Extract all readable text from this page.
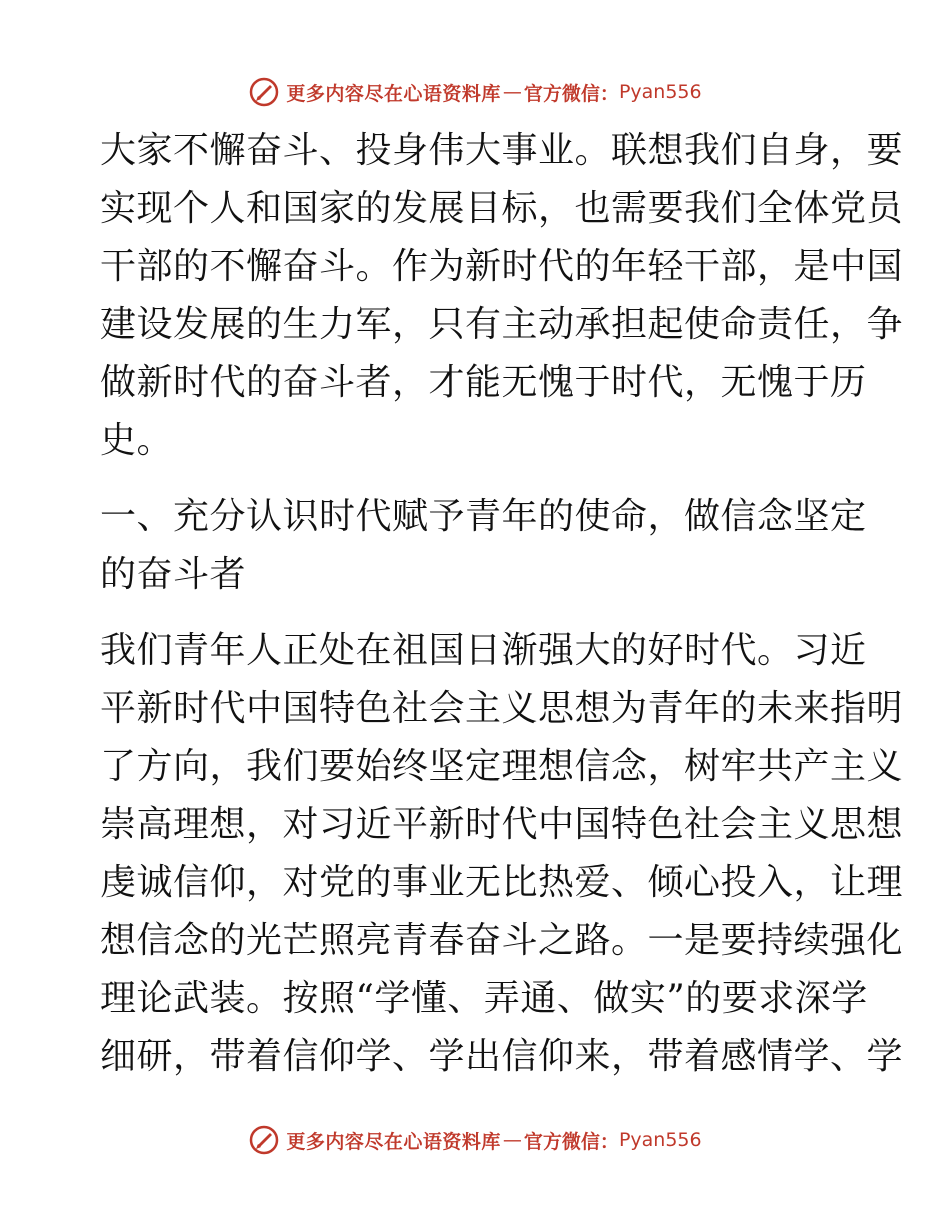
更多内容尽在心语资料库 — 官方微信： Pyan556
大家不懈奋斗、投身伟大事业。联想我们自身，要
实现个人和国家的发展目标，也需要我们全体党员
干部的不懈奋斗。作为新时代的年轻干部，是中国
建设发展的生力军，只有主动承担起使命责任，争
做新时代的奋斗者，才能无愧于时代，无愧于历
史。
一、充分认识时代赋予青年的使命，做信念坚定
的奋斗者
我们青年人正处在祖国日渐强大的好时代。习近
平新时代中国特色社会主义思想为青年的未来指明
了方向，我们要始终坚定理想信念，树牢共产主义
崇高理想，对习近平新时代中国特色社会主义思想
虔诚信仰，对党的事业无比热爱、倾心投入，让理
想信念的光芒照亮青春奋斗之路。一是要持续强化
理论武装。按照“学懂、弄通、做实”的要求深学
细研，带着信仰学、学出信仰来，带着感情学、学
更多内容尽在心语资料库 — 官方微信： Pyan556
